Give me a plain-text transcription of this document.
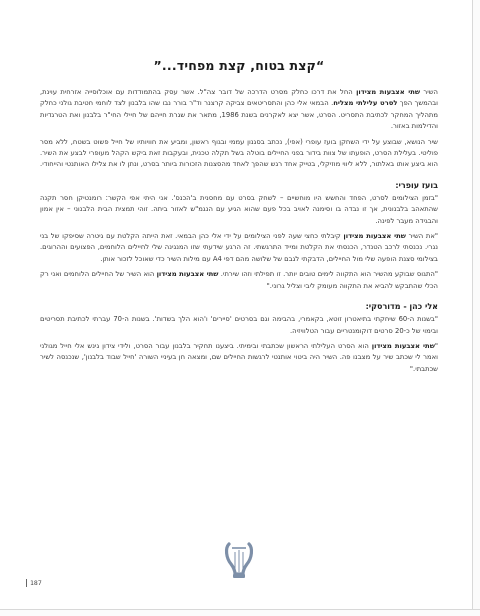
“קצת בטוח, קצת מפחיד...”

השיר שתי אצבעות מצידון החל את דרכו כחלק מסרט הדרכה של דובר צה"ל. אשר עסק בהתמודדות עם אוכלוסייה אזרחית עוינת, ובהמשך הפך לסרט עלילתי מצליח. הבמאי אלי כהן והתסריטאים צביקה קרצנר וד"ר בורר נבו שהו בלבנון לצד לוחמי חטיבת גולני כחלק מתהליך המחקר לכתיבת התסריט. הסרט, אשר יצא לאקרנים בשנת 1986, מתאר את שגרת חייהם של חיילי החי"ר בלבנון ואת הטרגדיות והדילמות באזור.

שיר הנושא, שבוצע על ידי השחקן בועז עופרי (אפי), נכתב בסגנון עממי ובגוף ראשון, ומביע את חוויותיו של חייל פשוט בשטח, ללא מסר פוליטי. בעלילת הסרט, הופעתו של צוות בידור בפני החיילים בוטלה בשל תקלה טכנית, ובעקבות זאת ביקש הקהל מעופרי לבצע את השיר. הוא ביצע אותו באלתור, ללא ליווי מוזיקלי, בטייק אחד רגש שהפך לאחד מהסצנות הזכורות ביותר בסרט, ונתן לו את צלילו האותנטי והייחודי.

בועז עופרי:

"בזמן הצילומים לסרט, הפחד והחשש היו מוחשיים – לשחק בסרט עם מחסנית ב'הכנס'. אני היתי אפי הקשר: רומנטיקן חסר תקנה שהתאהב בלבנונית, אך זו נבדה בו וסימנה לאויב בכל פעם שהוא הגיע עם הנגמ"ש לאזור ביתה. זוהי תמצית הבית הלבנוני – אין אמון והבגידה מעבר לפינה.

"את השיר שתי אצבעות מצידון קיבלתי כחצי שעה לפני הצילומים על ידי אלי כהן הבמאי. זאת הייתה הקלטת עם גיטרה שסיפקו של בני נגרי. נכנסתי לרכב הטנדר, הכנסתי את הקלטת ומייד התרגשתי. זה הרגע שידעתי שזו המנגינה שלי לחיילים הלוחמים, הפצועים וההרוגים. בצילומי סצנת הופעה שלי מול החיילים, הדבקתי לגבם של שלושה מהם דפי A4 עם מילות השיר כדי שאוכל לזכור אותן.

"התגוס שבוקע מהשיר הוא התקווה לימים טובים יותר. זו תפילתי וזהו שירתי. שתי אצבעות מצידון הוא השיר של החיילים הלוחמים ואני רק הכלי שהתבקש להביא את התקווה מעומק ליבי וצליל גרוני."

אלי כהן - מדורסקי:

"בשנות ה-60 שיחקתי בתיאטרון זוטא, בקאמרי, בהבימה וגם בסרטים 'סיירים' ו'הוא הלך בשדות'. בשנות ה-70 עברתי לכתיבת תסריטים ובימוי של כ-20 סרטים דוקומנטריים עבור הטלוויזיה.

"שתי אצבעות מצידון הוא הסרט העלילתי הראשון שכתבתי ובימיתי. ביצענו תחקיר בלבנון עבור הסרט, ולידי צידון גינש אלי חייל מגולני ואמר לי שכתב שיר על מצבנו פה. השיר היה ביטוי אותנטי לרגשות החיילים שם, ומצאה חן בעיניי השורה 'חייל שבוד בלבנון', שנכנסה לשיר שכתבתי."

187
